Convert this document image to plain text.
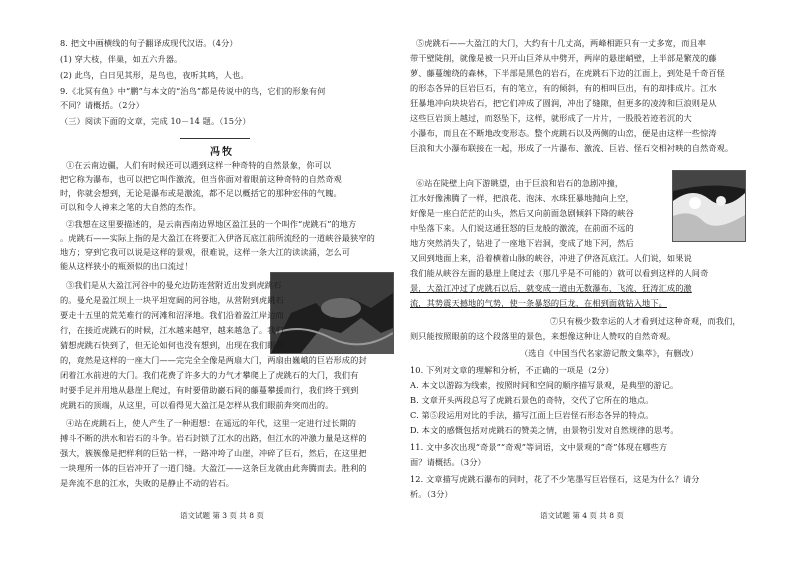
8. 把文中画横线的句子翻译成现代汉语。（4分）
(1) 穿大枝，伴巢，如五六升器。
(2) 此鸟，白日见其形，是鸟也，夜听其鸣，人也。
9.《北冥有鱼》中“鹏”与本文的“治鸟”都是传说中的鸟，它们的形象有何
不同？请概括。（2分）
（三）阅读下面的文章，完成 10－14 题。（15分）
冯牧
①在云南边疆，人们有时候还可以遇到这样一种奇特的自然景象，你可以
把它称为瀑布，也可以把它叫作激流，但当你面对着眼前这种奇特的自然奇观
时，你就会想到，无论是瀑布或是激流，都不足以概括它的那种宏伟的气魄。
可以和令人神来之笔的大自然的杰作。
②我想在这里要描述的，是云南西南边界地区盈江县的一个叫作“虎跳石”的地方
。虎跳石——实际上指的是大盈江在将要汇入伊洛瓦底江前所流经的一道峡谷最狭窄的
地方；穿到它我可以说是这样的景观，很难说，这样一条大江的读读涌，怎么可
能从这样狭小的瓶颈似的出口流过！
③我们是从大盈江河谷中的曼允边防连营附近出发到虎跳石
的。曼允是盈江坝上一块平坦宽阔的河谷地，从营附到虎跳石
要走十五里的荒芜难行的河滩和沼泽地。我们沿着盈江岸边而
行，在接近虎跳石的时候，江水越来越窄，越来越急了。我们
猜想虎跳石快到了，但无论如何也没有想到，出现在我们眼前
的，竟然是这样的一座大门——完完全全像是两扇大门，两扇由巍峨的巨岩形成的封
闭着江水前进的大门。我们花费了许多大的力气才攀爬上了虎跳石的大门，我们有
时要手足并用地从悬崖上爬过，有时要借助巖石间的藤蔓攀援而行，我们终于到到
虎跳石的顶端，从这里，可以看得见大盈江是怎样从我们眼前奔突而出的。
④站在虎跳石上，使人产生了一种遐想：在遥远的年代，这里一定进行过长期的
搏斗不断的洪水和岩石的斗争。岩石封锁了江水的出路，但江水的冲激力量是这样的
强大，簇簇像是把样利的巨钻一样，一路冲垮了山崖，冲碎了巨石，然后，在这里把
一块理所一体的巨岩冲开了一道门缝。大盈江——这条巨龙就由此奔腾而去。胜利的
是奔流不息的江水，失败的是静止不动的岩石。
语文试题 第 3 页 共 8 页
⑤虎跳石——大盈江的大门，大约有十几丈高，两峰相距只有一丈多宽，而且率
带干壁陡削，就像是被一只开山巨斧从中劈开，两岸的悬崖峭壁，上半部是繁茂的藤
萝、藤蔓缠绕的森林，下半部是黑色的岩石，在虎跳石下边的江面上，到处是千奇百怪
的形态各异的巨岩巨石，有的笔立，有的倾斜，有的相叫巨出，有的却排成片。江水
狂暴地冲向块块岩石，把它们冲成了圆润，冲出了缝隙，但更多的凌涛和巨浪则是从
这些巨岩顶上越过，而怒坠下，这样，就形成了一片片，一股股若迹若沉的大
小瀑布，而且在不断地改变形态。整个虎跳石以及两侧的山峦，便是由这样一些惊涛
巨浪和大小瀑布联接在一起，形成了一片瀑布、激流、巨岩、怪石交相衬映的自然奇观。
⑥站在陡壁上向下游眺望，由于巨浪和岩石的急剧冲撞，
江水好像沸腾了一样，把浪花、泡沫、水珠狂暴地抛向上空，
好像是一座白茫茫的山头，然后又向前面急剧倾斜下降的峡谷
中坠落下来。人们说这通狂怒的巨龙般的激流，在前面不远的
地方突然消失了，钻进了一座地下岩洞，变成了地下河，然后
又回到地面上来，沿着横着山脉的峡谷，冲进了伊洛瓦底江。人们说，如果说
我们能从峡谷左面的悬崖上爬过去（那几乎是不可能的）就可以看到这样的人间奇
景，大盈江冲过了虎跳石以后，就变成一道由无数瀑布、飞流、狂涛汇成的激
流，其势震天撼地的气势，使一条暴怒的巨龙，在相到面就钻入地下。
⑦只有极少数幸运的人才看到过这种奇观，而我们，
则只能按照眼前的这个段落里的景色，来想像这种让人赞叹的自然奇观。
（选自《中国当代名家游记散文集萃》，有删改）
10. 下列对文章的理解和分析，不正确的一项是（2分）
A. 本文以游踪为线索，按照时间和空间的顺序描写景观，是典型的游记。
B. 文章开头两段总写了虎跳石景色的奇特，交代了它所在的地点。
C. 第⑤段运用对比的手法，描写江面上巨岩怪石形态各异的特点。
D. 本文的感慨包括对虎跳石的赞美之情，由景物引发对自然规律的思考。
11. 文中多次出现“奇景”“奇观”等词语，文中景观的“奇”体现在哪些方
面？请概括。（3分）
12. 文章描写虎跳石瀑布的同时，花了不少笔墨写巨岩怪石，这是为什么？请分
析。（3分）
语文试题 第 4 页 共 8 页
